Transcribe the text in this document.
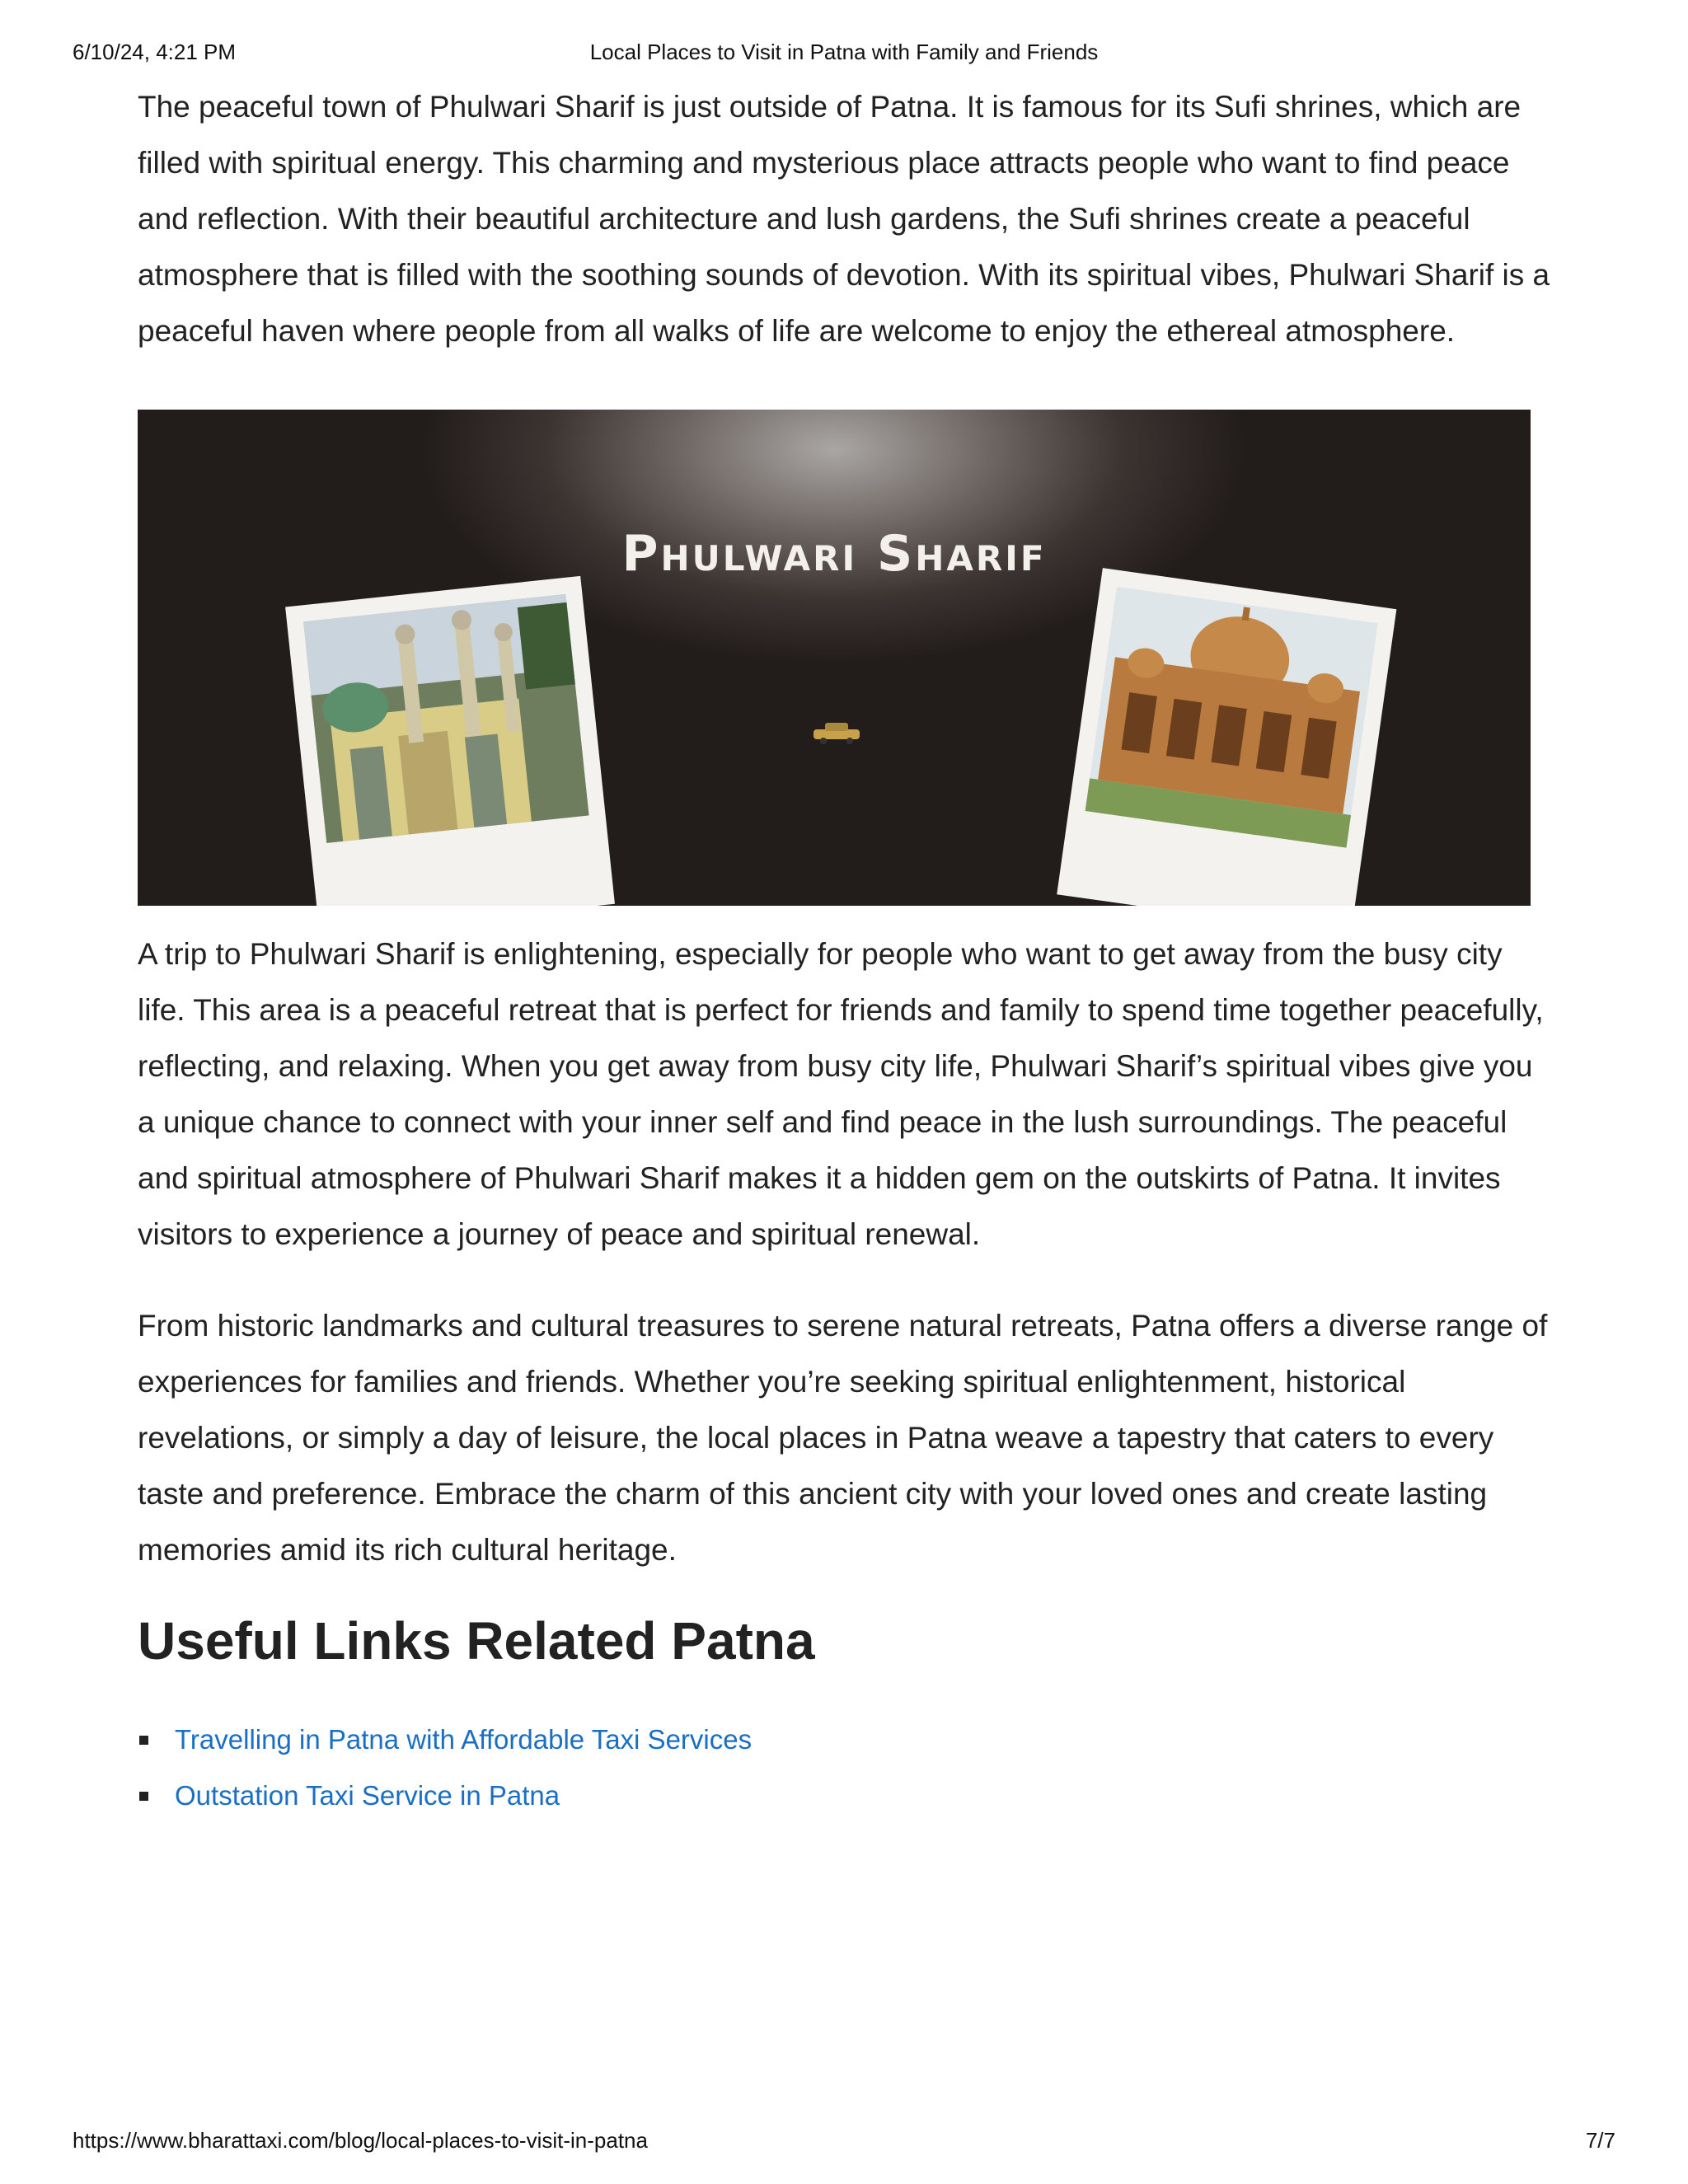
6/10/24, 4:21 PM	Local Places to Visit in Patna with Family and Friends

The peaceful town of Phulwari Sharif is just outside of Patna. It is famous for its Sufi shrines, which are filled with spiritual energy. This charming and mysterious place attracts people who want to find peace and reflection. With their beautiful architecture and lush gardens, the Sufi shrines create a peaceful atmosphere that is filled with the soothing sounds of devotion. With its spiritual vibes, Phulwari Sharif is a peaceful haven where people from all walks of life are welcome to enjoy the ethereal atmosphere.

Phulwari Sharif

A trip to Phulwari Sharif is enlightening, especially for people who want to get away from the busy city life. This area is a peaceful retreat that is perfect for friends and family to spend time together peacefully, reflecting, and relaxing. When you get away from busy city life, Phulwari Sharif’s spiritual vibes give you a unique chance to connect with your inner self and find peace in the lush surroundings. The peaceful and spiritual atmosphere of Phulwari Sharif makes it a hidden gem on the outskirts of Patna. It invites visitors to experience a journey of peace and spiritual renewal.

From historic landmarks and cultural treasures to serene natural retreats, Patna offers a diverse range of experiences for families and friends. Whether you’re seeking spiritual enlightenment, historical revelations, or simply a day of leisure, the local places in Patna weave a tapestry that caters to every taste and preference. Embrace the charm of this ancient city with your loved ones and create lasting memories amid its rich cultural heritage.

Useful Links Related Patna
Travelling in Patna with Affordable Taxi Services
Outstation Taxi Service in Patna
https://www.bharattaxi.com/blog/local-places-to-visit-in-patna	7/7
